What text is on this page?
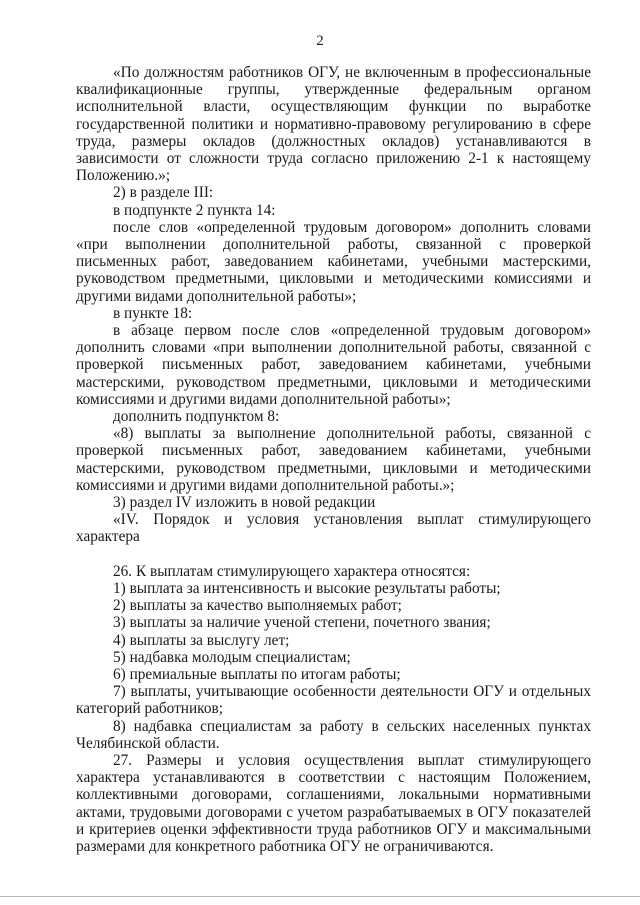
2

«По должностям работников ОГУ, не включенным в профессиональные квалификационные группы, утвержденные федеральным органом исполнительной власти, осуществляющим функции по выработке государственной политики и нормативно-правовому регулированию в сфере труда, размеры окладов (должностных окладов) устанавливаются в зависимости от сложности труда согласно приложению 2-1 к настоящему Положению.»;

2) в разделе III:

в подпункте 2 пункта 14:

после слов «определенной трудовым договором» дополнить словами «при выполнении дополнительной работы, связанной с проверкой письменных работ, заведованием кабинетами, учебными мастерскими, руководством предметными, цикловыми и методическими комиссиями и другими видами дополнительной работы»;

в пункте 18:

в абзаце первом после слов «определенной трудовым договором» дополнить словами «при выполнении дополнительной работы, связанной с проверкой письменных работ, заведованием кабинетами, учебными мастерскими, руководством предметными, цикловыми и методическими комиссиями и другими видами дополнительной работы»;

дополнить подпунктом 8:

«8) выплаты за выполнение дополнительной работы, связанной с проверкой письменных работ, заведованием кабинетами, учебными мастерскими, руководством предметными, цикловыми и методическими комиссиями и другими видами дополнительной работы.»;

3) раздел IV изложить в новой редакции

«IV. Порядок и условия установления выплат стимулирующего характера

26. К выплатам стимулирующего характера относятся:

1) выплата за интенсивность и высокие результаты работы;

2) выплаты за качество выполняемых работ;

3) выплаты за наличие ученой степени, почетного звания;

4) выплаты за выслугу лет;

5) надбавка молодым специалистам;

6) премиальные выплаты по итогам работы;

7) выплаты, учитывающие особенности деятельности ОГУ и отдельных категорий работников;

8) надбавка специалистам за работу в сельских населенных пунктах Челябинской области.

27. Размеры и условия осуществления выплат стимулирующего характера устанавливаются в соответствии с настоящим Положением, коллективными договорами, соглашениями, локальными нормативными актами, трудовыми договорами с учетом разрабатываемых в ОГУ показателей и критериев оценки эффективности труда работников ОГУ и максимальными размерами для конкретного работника ОГУ не ограничиваются.
